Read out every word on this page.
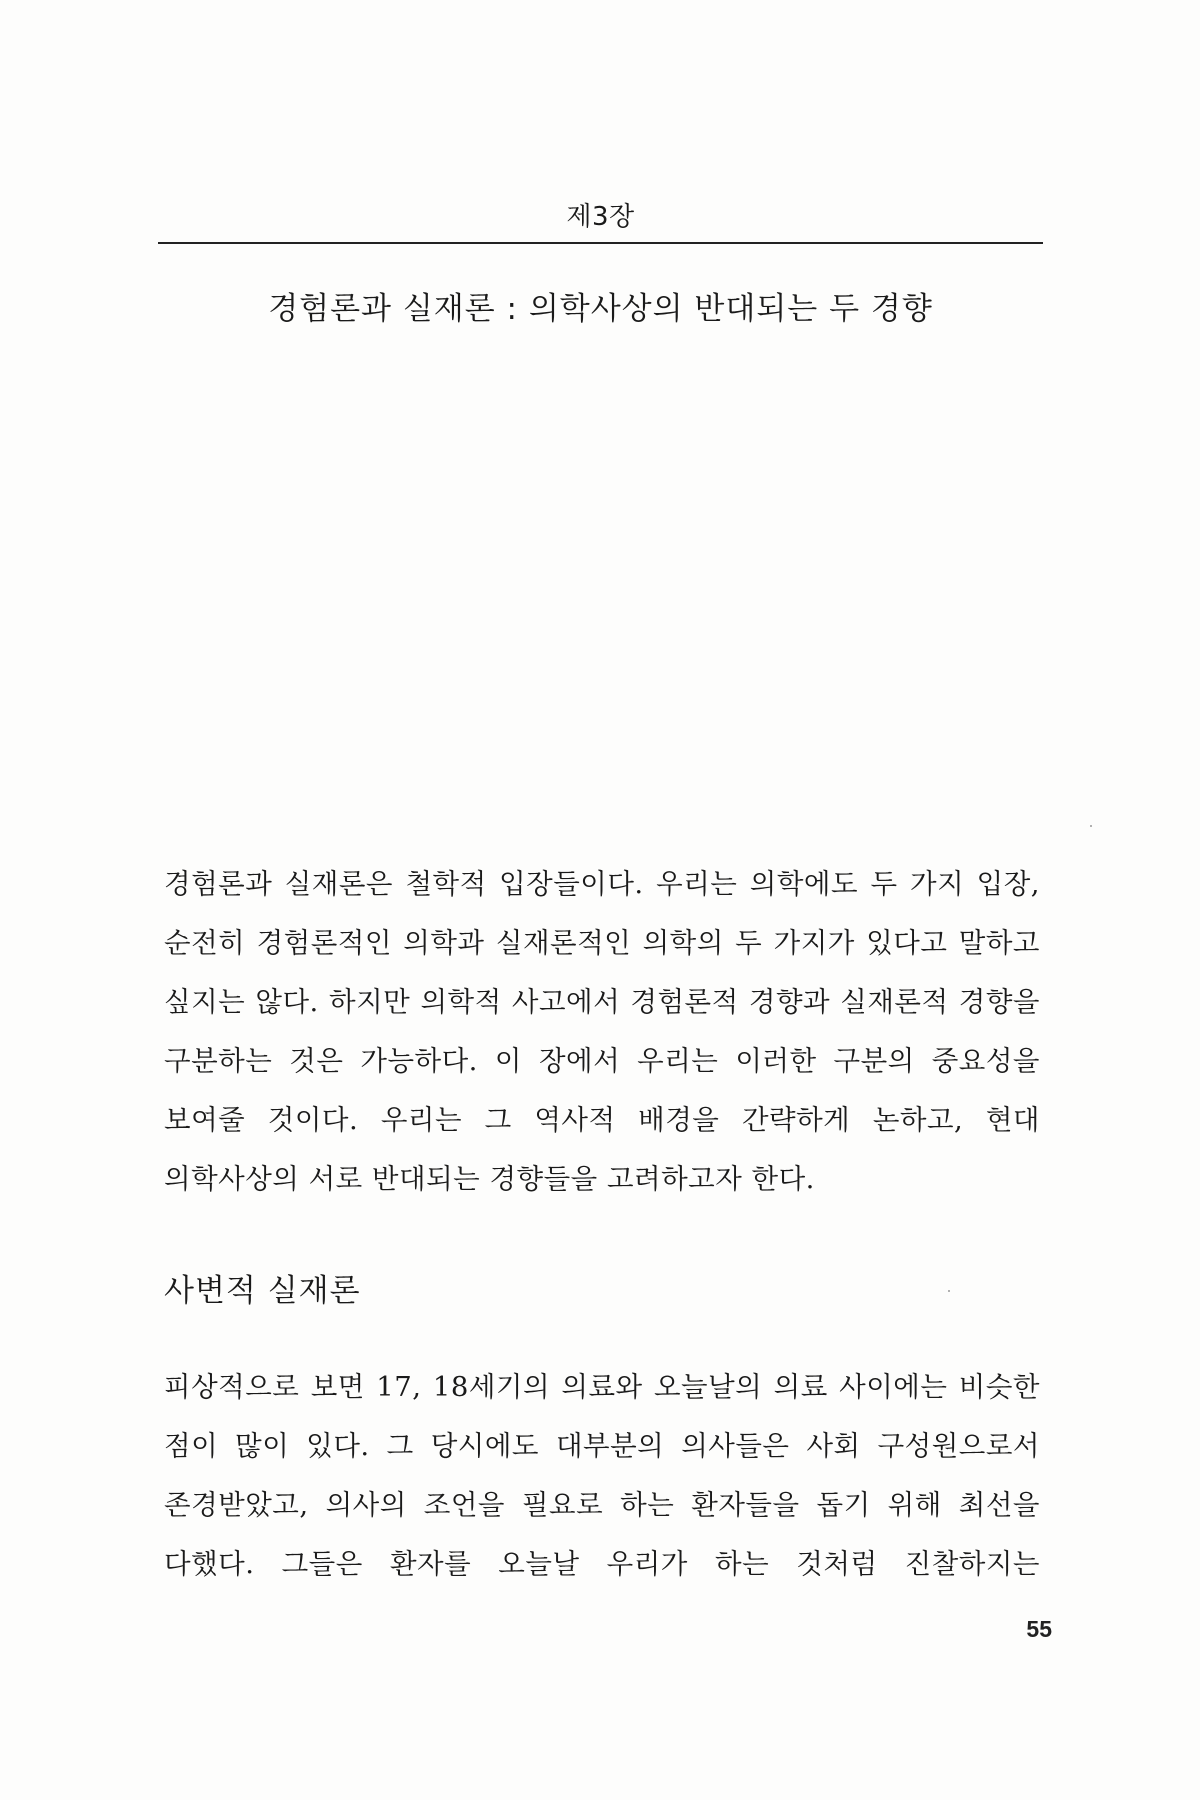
제3장
경험론과 실재론 : 의학사상의 반대되는 두 경향

경험론과 실재론은 철학적 입장들이다. 우리는 의학에도 두 가지 입장, 순전히 경험론적인 의학과 실재론적인 의학의 두 가지가 있다고 말하고 싶지는 않다. 하지만 의학적 사고에서 경험론적 경향과 실재론적 경향을 구분하는 것은 가능하다. 이 장에서 우리는 이러한 구분의 중요성을 보여줄 것이다. 우리는 그 역사적 배경을 간략하게 논하고, 현대 의학사상의 서로 반대되는 경향들을 고려하고자 한다.

사변적 실재론

피상적으로 보면 17, 18세기의 의료와 오늘날의 의료 사이에는 비슷한 점이 많이 있다. 그 당시에도 대부분의 의사들은 사회 구성원으로서 존경받았고, 의사의 조언을 필요로 하는 환자들을 돕기 위해 최선을 다했다. 그들은 환자를 오늘날 우리가 하는 것처럼 진찰하지는

55
